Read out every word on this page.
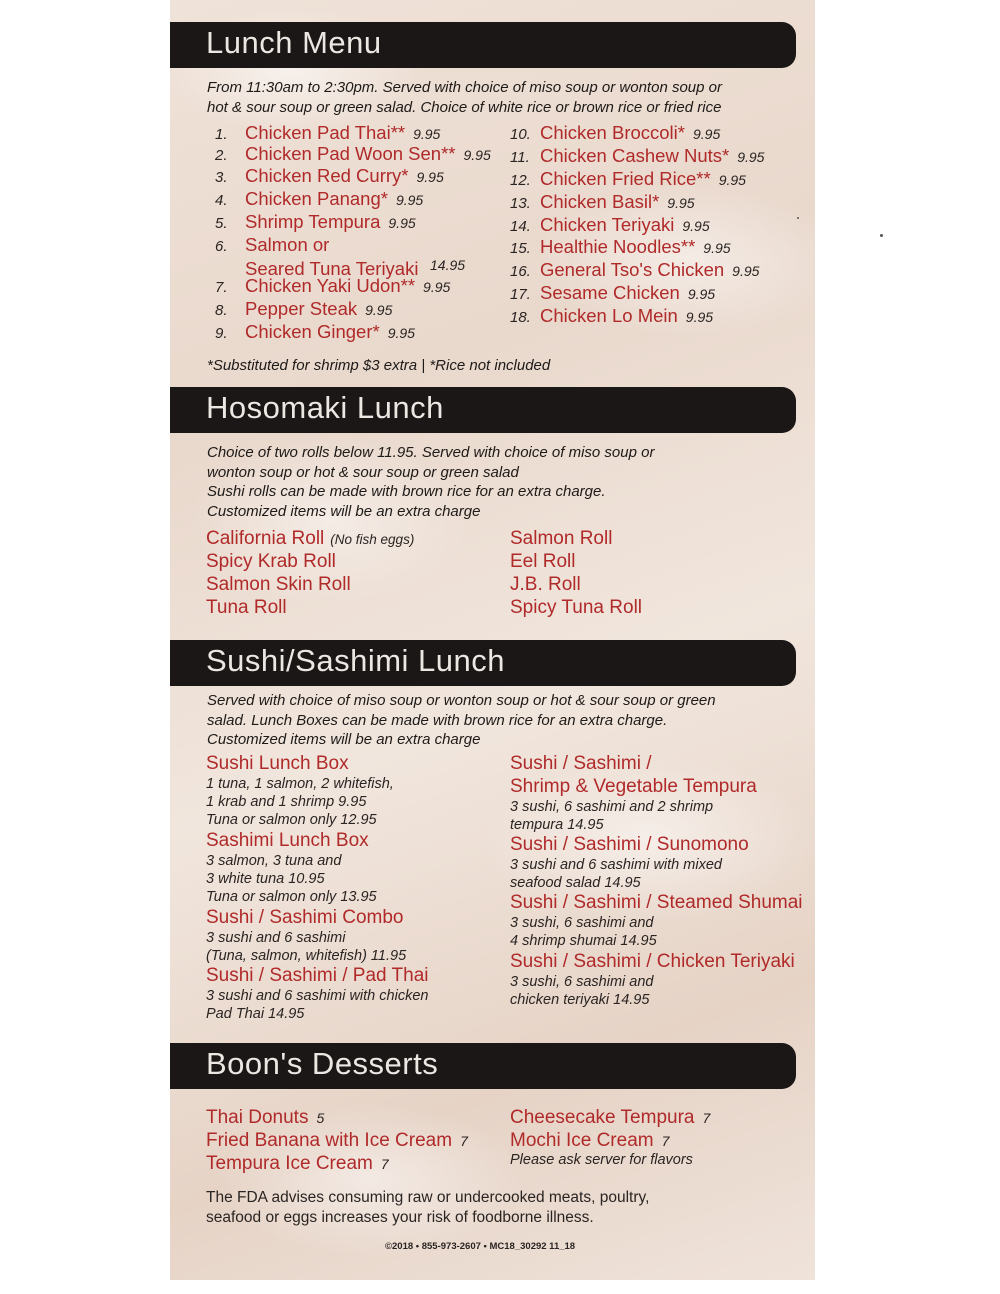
Lunch Menu
From 11:30am to 2:30pm. Served with choice of miso soup or wonton soup or
hot & sour soup or green salad. Choice of white rice or brown rice or fried rice
1. Chicken Pad Thai** 9.95
2. Chicken Pad Woon Sen** 9.95
3. Chicken Red Curry* 9.95
4. Chicken Panang* 9.95
5. Shrimp Tempura 9.95
6. Salmon or
Seared Tuna Teriyaki 14.95
7. Chicken Yaki Udon** 9.95
8. Pepper Steak 9.95
9. Chicken Ginger* 9.95
10. Chicken Broccoli* 9.95
11. Chicken Cashew Nuts* 9.95
12. Chicken Fried Rice** 9.95
13. Chicken Basil* 9.95
14. Chicken Teriyaki 9.95
15. Healthie Noodles** 9.95
16. General Tso's Chicken 9.95
17. Sesame Chicken 9.95
18. Chicken Lo Mein 9.95
*Substituted for shrimp $3 extra | *Rice not included
Hosomaki Lunch
Choice of two rolls below 11.95. Served with choice of miso soup or
wonton soup or hot & sour soup or green salad
Sushi rolls can be made with brown rice for an extra charge.
Customized items will be an extra charge
California Roll (No fish eggs)
Spicy Krab Roll
Salmon Skin Roll
Tuna Roll
Salmon Roll
Eel Roll
J.B. Roll
Spicy Tuna Roll
Sushi/Sashimi Lunch
Served with choice of miso soup or wonton soup or hot & sour soup or green
salad. Lunch Boxes can be made with brown rice for an extra charge.
Customized items will be an extra charge
Sushi Lunch Box
1 tuna, 1 salmon, 2 whitefish,
1 krab and 1 shrimp 9.95
Tuna or salmon only 12.95
Sashimi Lunch Box
3 salmon, 3 tuna and
3 white tuna 10.95
Tuna or salmon only 13.95
Sushi / Sashimi Combo
3 sushi and 6 sashimi
(Tuna, salmon, whitefish) 11.95
Sushi / Sashimi / Pad Thai
3 sushi and 6 sashimi with chicken
Pad Thai 14.95
Sushi / Sashimi /
Shrimp & Vegetable Tempura
3 sushi, 6 sashimi and 2 shrimp
tempura 14.95
Sushi / Sashimi / Sunomono
3 sushi and 6 sashimi with mixed
seafood salad 14.95
Sushi / Sashimi / Steamed Shumai
3 sushi, 6 sashimi and
4 shrimp shumai 14.95
Sushi / Sashimi / Chicken Teriyaki
3 sushi, 6 sashimi and
chicken teriyaki 14.95
Boon's Desserts
Thai Donuts 5
Fried Banana with Ice Cream 7
Tempura Ice Cream 7
Cheesecake Tempura 7
Mochi Ice Cream 7
Please ask server for flavors
The FDA advises consuming raw or undercooked meats, poultry,
seafood or eggs increases your risk of foodborne illness.
©2018 • 855-973-2607 • MC18_30292 11_18
